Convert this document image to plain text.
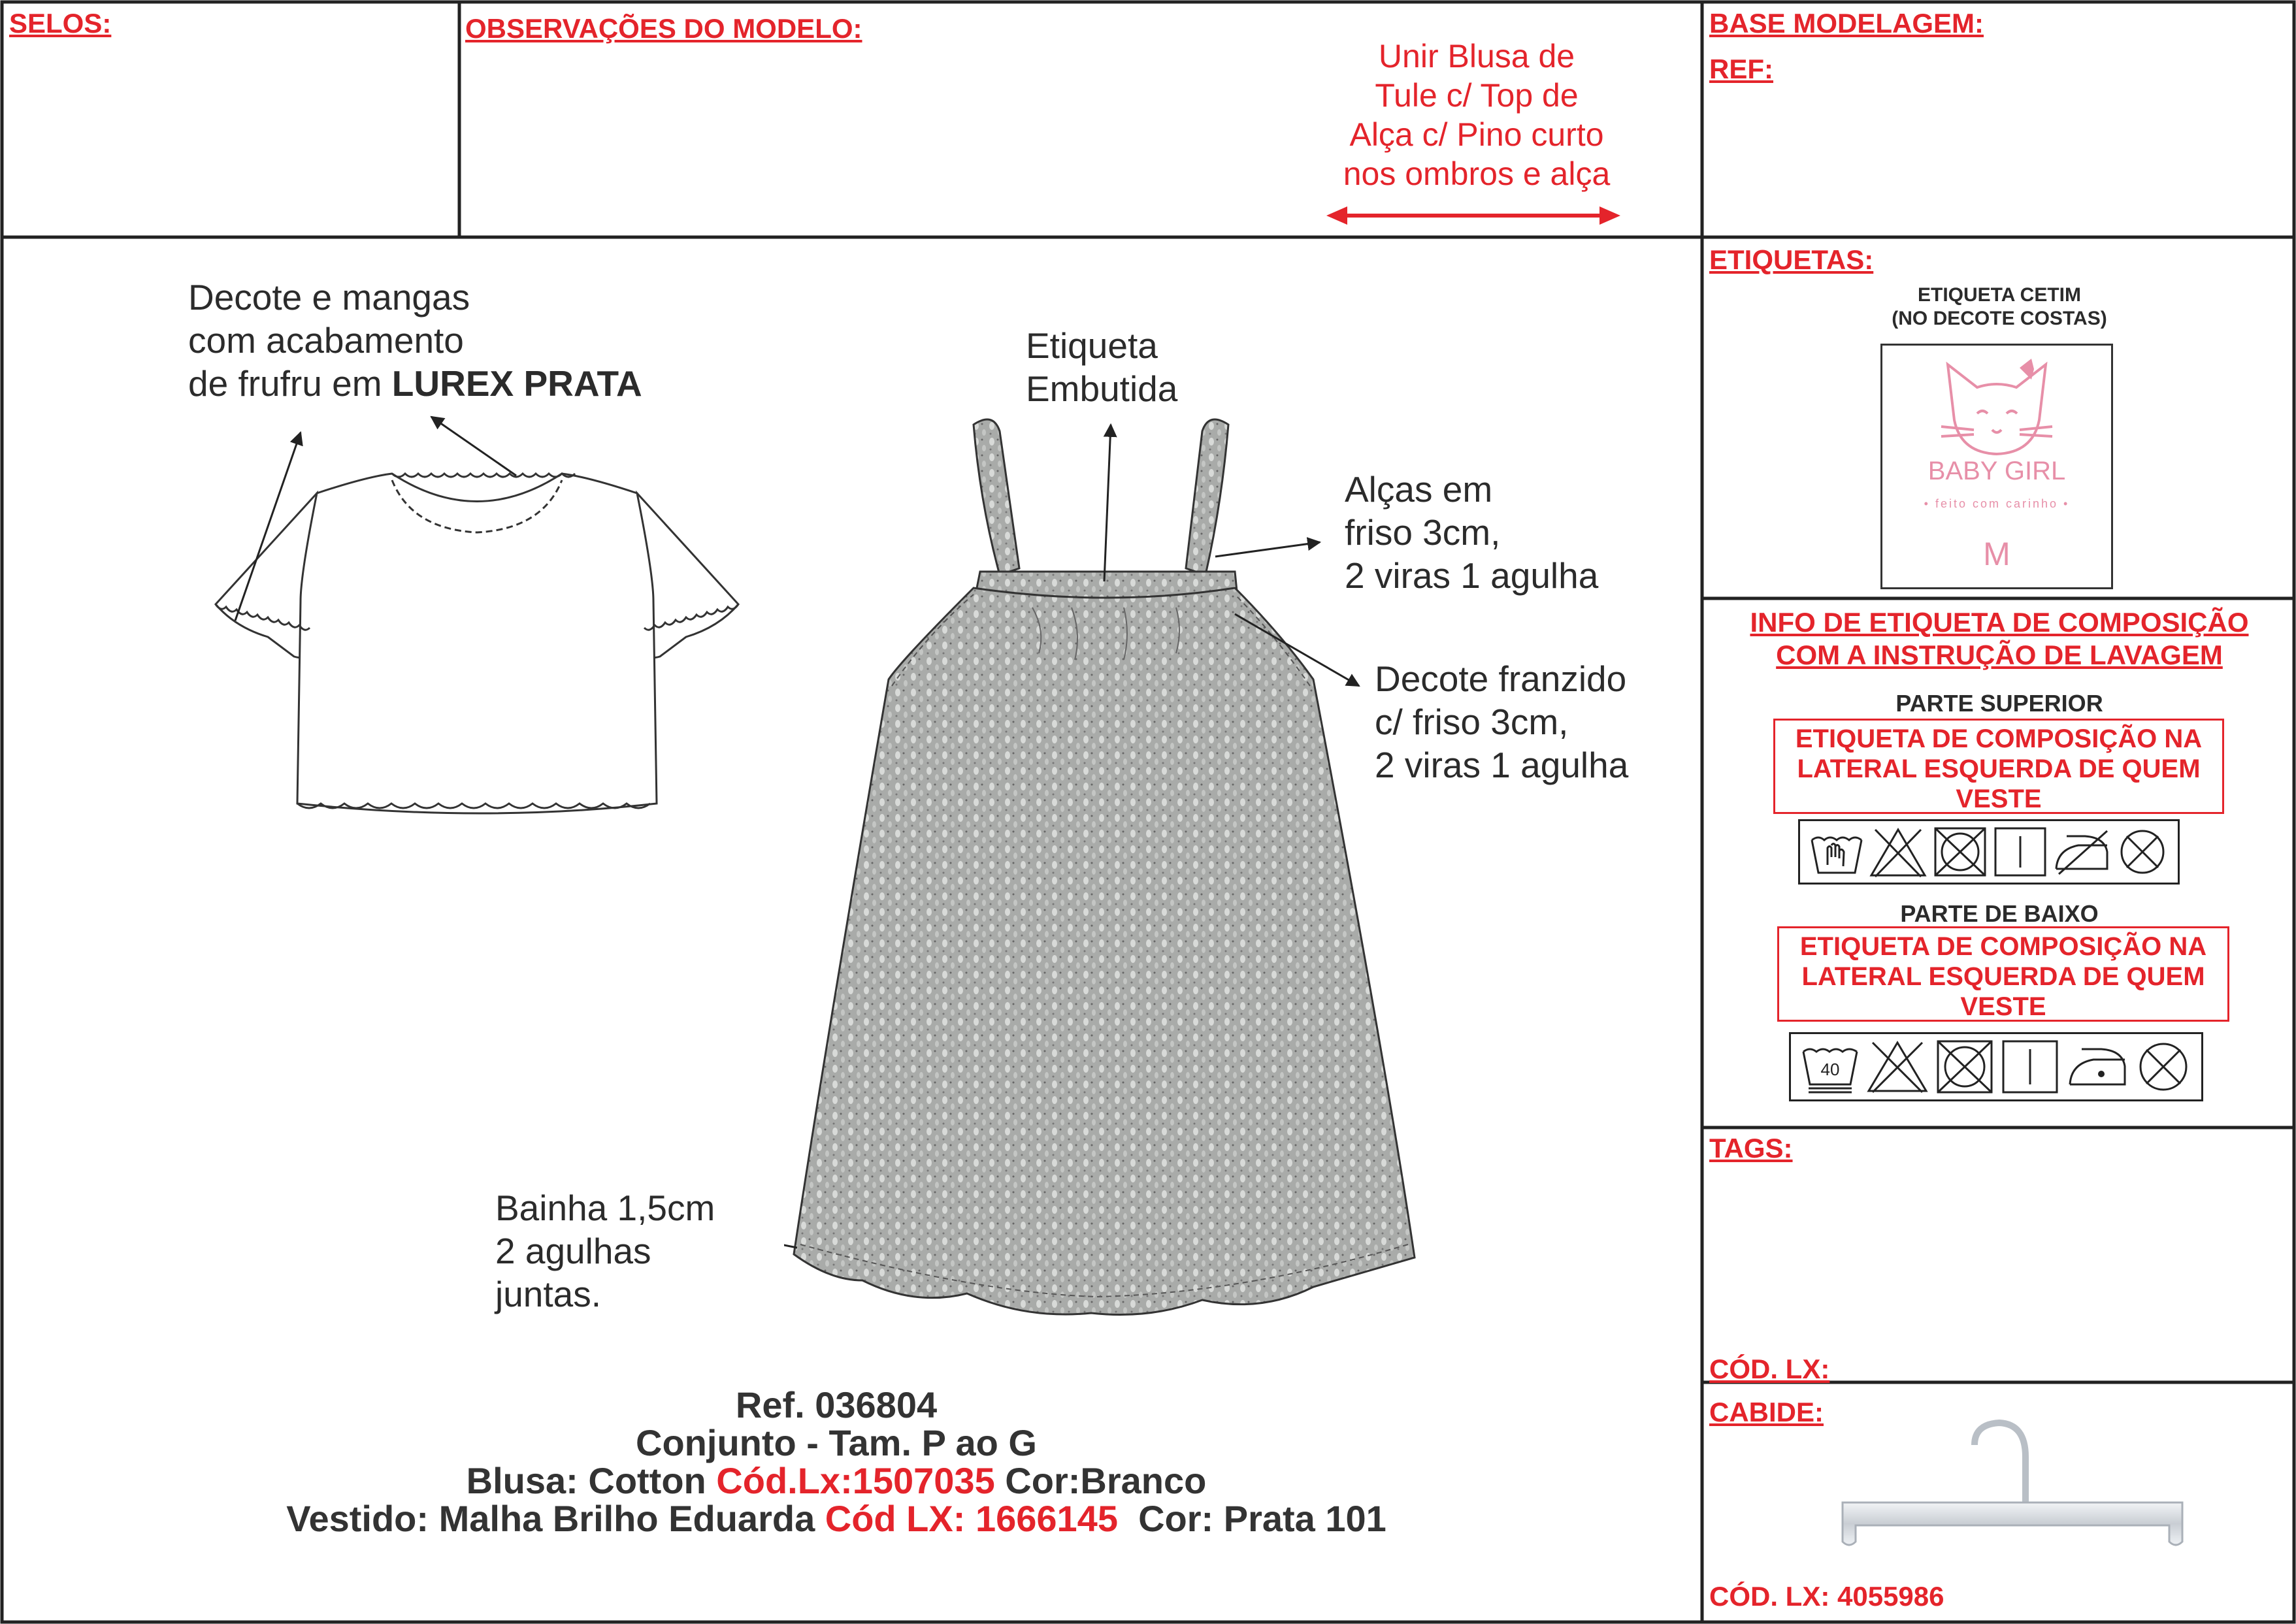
SELOS:	OBSERVAÇÕES DO MODELO:
Unir Blusa de
Tule c/ Top de
Alça c/ Pino curto
nos ombros e alça
BASE MODELAGEM:
REF:
Decote e mangas
com acabamento
de frufru em LUREX PRATA
Etiqueta
Embutida
Alças em
friso 3cm,
2 viras 1 agulha
Decote franzido
c/ friso 3cm,
2 viras 1 agulha
Bainha 1,5cm
2 agulhas
juntas.
Ref. 036804
Conjunto - Tam. P ao G
Blusa: Cotton Cód.Lx:1507035 Cor:Branco
Vestido: Malha Brilho Eduarda Cód LX: 1666145  Cor: Prata 101
ETIQUETAS:
ETIQUETA CETIM
(NO DECOTE COSTAS)
BABY GIRL
• feito com carinho •
M
INFO DE ETIQUETA DE COMPOSIÇÃO
COM A INSTRUÇÃO DE LAVAGEM
PARTE SUPERIOR
ETIQUETA DE COMPOSIÇÃO NA
LATERAL ESQUERDA DE QUEM
VESTE
PARTE DE BAIXO
ETIQUETA DE COMPOSIÇÃO NA
LATERAL ESQUERDA DE QUEM
VESTE
40
TAGS:
CÓD. LX:
CABIDE:
CÓD. LX: 4055986
